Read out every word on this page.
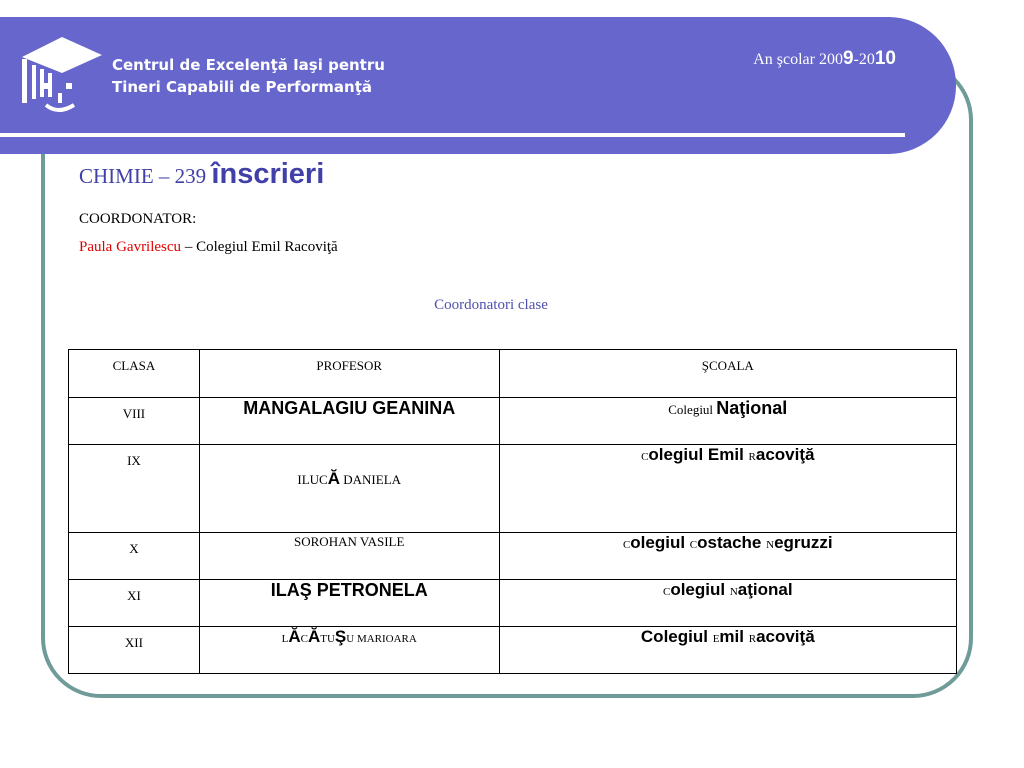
Centrul de Excelenţă Iaşi pentru
Tineri Capabili de Performanţă
An şcolar 2009-2010
CHIMIE – 239 înscrieri
COORDONATOR:
Paula Gavrilescu – Colegiul Emil Racoviţă
Coordonatori clase
CLASA	PROFESOR	ŞCOALA

VIII	MANGALAGIU GEANINA	Colegiul Naţional

IX	ILUCĂ DANIELA	Colegiul Emil Racoviţă

X	SOROHAN VASILE	Colegiul Costache Negruzzi

XI	ILAŞ PETRONELA	Colegiul Naţional

XII	LĂCĂTUŞU MARIOARA	Colegiul Emil Racoviţă
